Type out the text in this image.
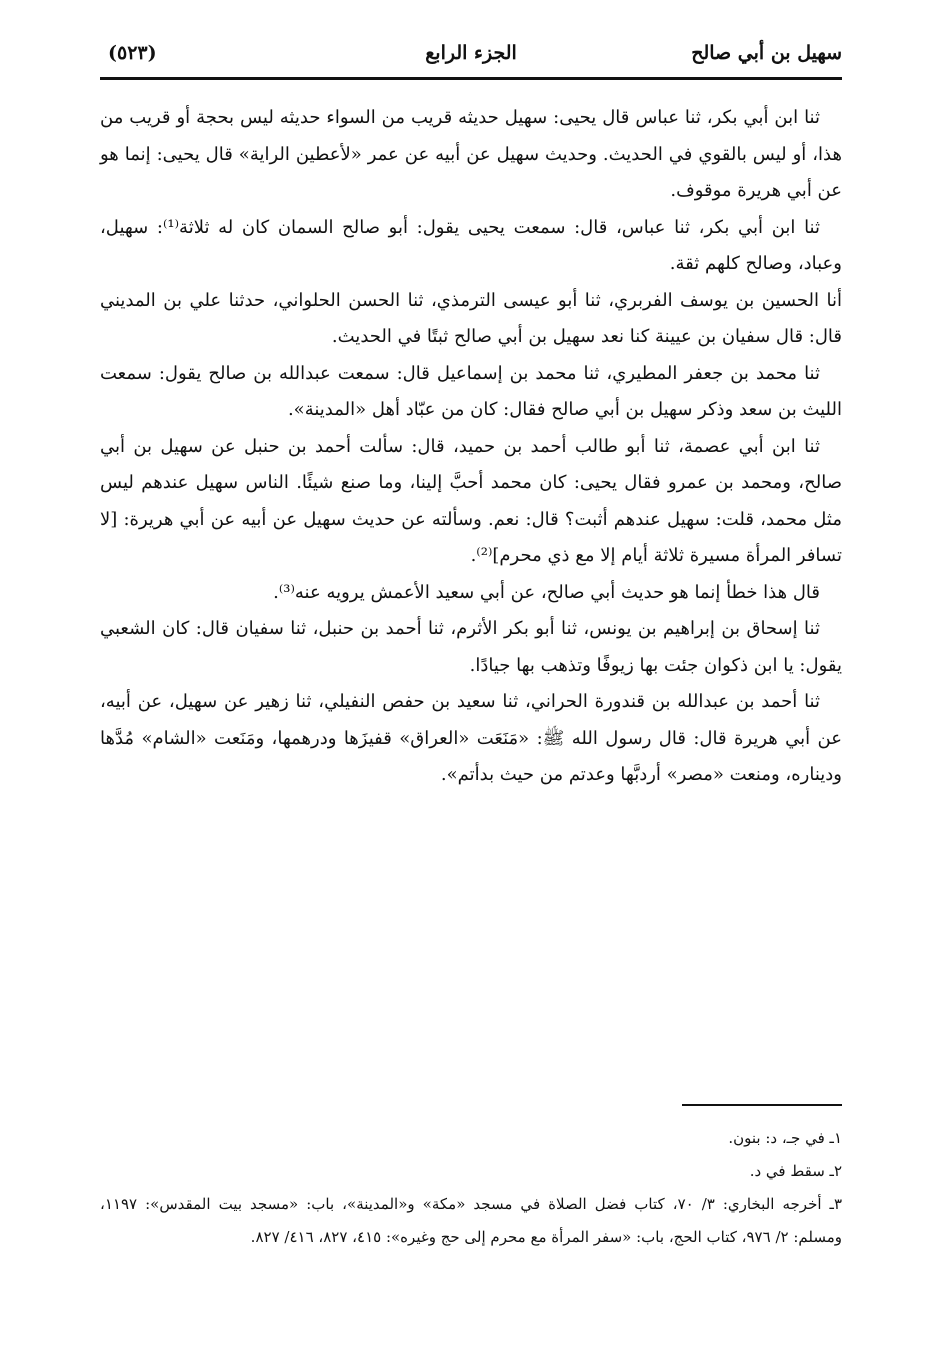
سهيل بن أبي صالح
الجزء الرابع
(٥٢٣)

ثنا ابن أبي بكر، ثنا عباس قال يحيى: سهيل حديثه قريب من السواء حديثه ليس بحجة أو قريب من هذا، أو ليس بالقوي في الحديث. وحديث سهيل عن أبيه عن عمر «لأعطين الراية» قال يحيى: إنما هو عن أبي هريرة موقوف.

ثنا ابن أبي بكر، ثنا عباس، قال: سمعت يحيى يقول: أبو صالح السمان كان له ثلاثة⁽¹⁾: سهيل، وعباد، وصالح كلهم ثقة.

أنا الحسين بن يوسف الفربري، ثنا أبو عيسى الترمذي، ثنا الحسن الحلواني، حدثنا علي بن المديني قال: قال سفيان بن عيينة كنا نعد سهيل بن أبي صالح ثبتًا في الحديث.

ثنا محمد بن جعفر المطيري، ثنا محمد بن إسماعيل قال: سمعت عبدالله بن صالح يقول: سمعت الليث بن سعد وذكر سهيل بن أبي صالح فقال: كان من عبّاد أهل «المدينة».

ثنا ابن أبي عصمة، ثنا أبو طالب أحمد بن حميد، قال: سألت أحمد بن حنبل عن سهيل بن أبي صالح، ومحمد بن عمرو فقال يحيى: كان محمد أحبَّ إلينا، وما صنع شيئًا. الناس سهيل عندهم ليس مثل محمد، قلت: سهيل عندهم أثبت؟ قال: نعم. وسألته عن حديث سهيل عن أبيه عن أبي هريرة: [لا تسافر المرأة مسيرة ثلاثة أيام إلا مع ذي محرم]⁽²⁾.

قال هذا خطأ إنما هو حديث أبي صالح، عن أبي سعيد الأعمش يرويه عنه⁽³⁾.

ثنا إسحاق بن إبراهيم بن يونس، ثنا أبو بكر الأثرم، ثنا أحمد بن حنبل، ثنا سفيان قال: كان الشعبي يقول: يا ابن ذكوان جئت بها زيوفًا وتذهب بها جيادًا.

ثنا أحمد بن عبدالله بن قندورة الحراني، ثنا سعيد بن حفص النفيلي، ثنا زهير عن سهيل، عن أبيه، عن أبي هريرة قال: قال رسول الله ﷺ: «مَنَعَت «العراق» قفيزَها ودرهمها، ومَنَعت «الشام» مُدَّها وديناره، ومنعت «مصر» أردبَّها وعدتم من حيث بدأتم».

١ـ في جـ، د: بنون.

٢ـ سقط في د.

٣ـ أخرجه البخاري: ٣/ ٧٠، كتاب فضل الصلاة في مسجد «مكة» و«المدينة»، باب: «مسجد بيت المقدس»: ١١٩٧، ومسلم: ٢/ ٩٧٦، كتاب الحج، باب: «سفر المرأة مع محرم إلى حج وغيره»: ٤١٥، ٨٢٧، ٤١٦/ ٨٢٧.
